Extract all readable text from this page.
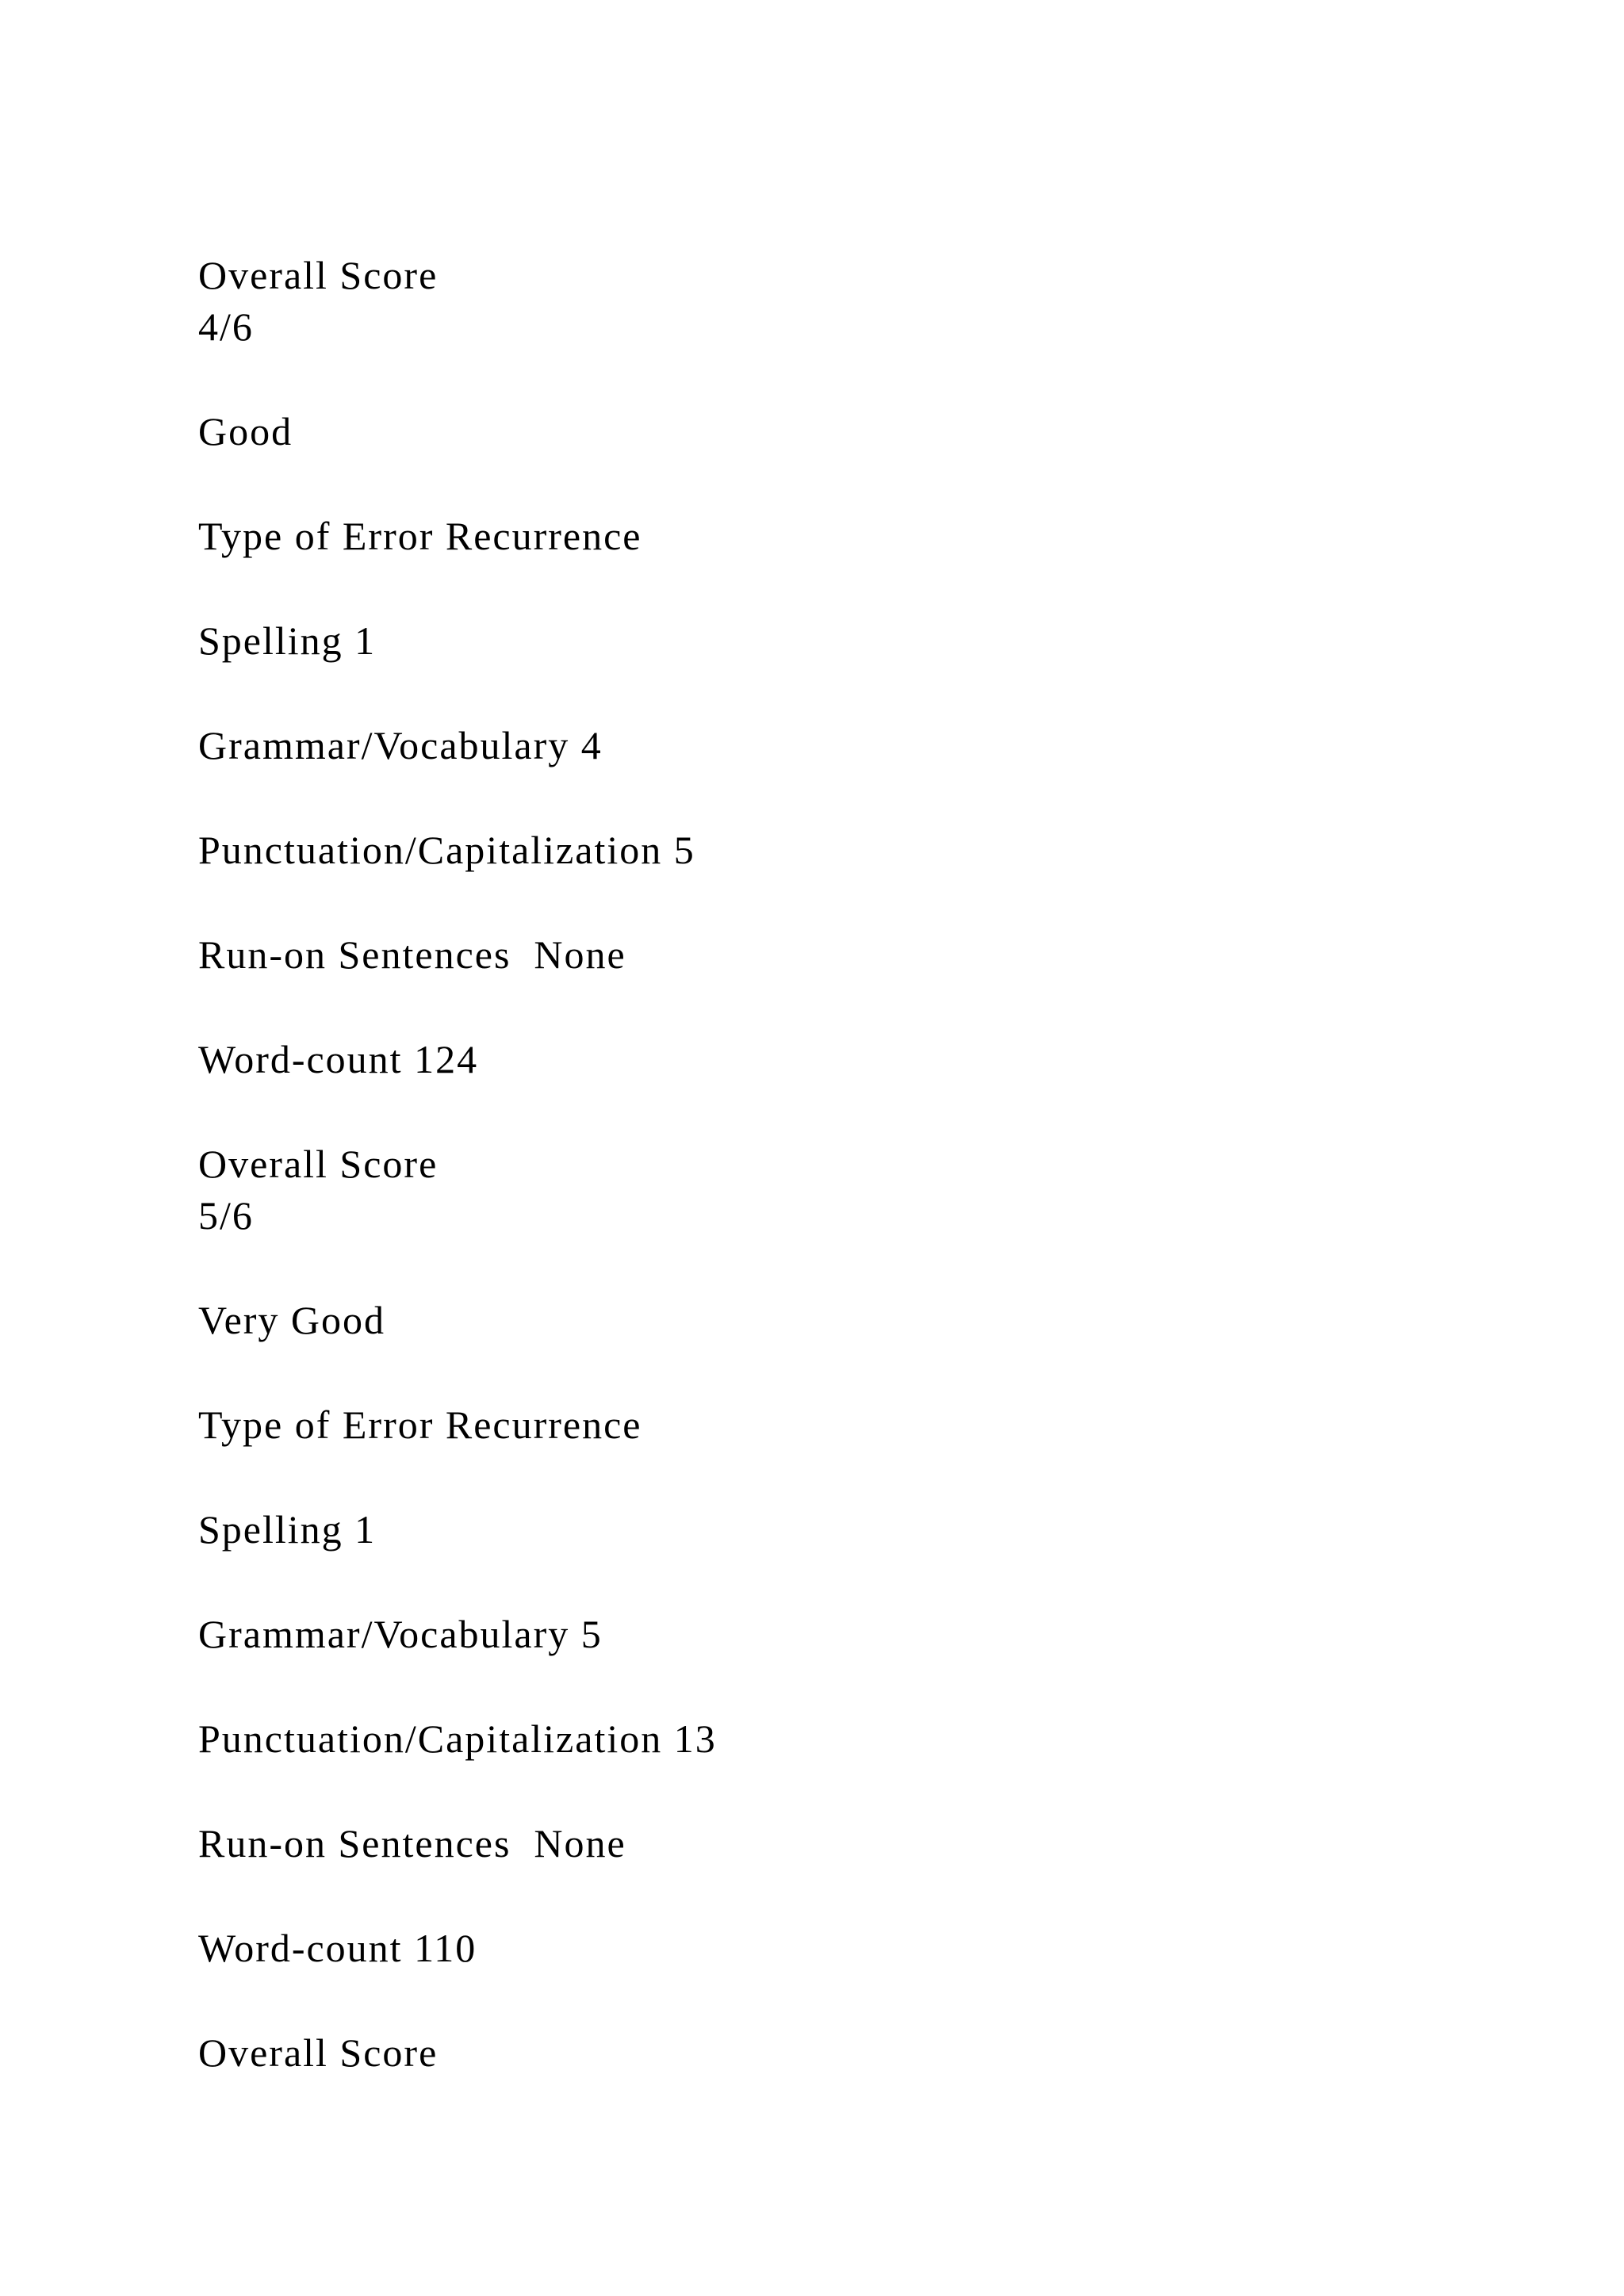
Overall Score

4/6

Good

Type of Error Recurrence

Spelling 1

Grammar/Vocabulary 4

Punctuation/Capitalization 5

Run-on Sentences  None

Word-count 124

Overall Score

5/6

Very Good

Type of Error Recurrence

Spelling 1

Grammar/Vocabulary 5

Punctuation/Capitalization 13

Run-on Sentences  None

Word-count 110

Overall Score
